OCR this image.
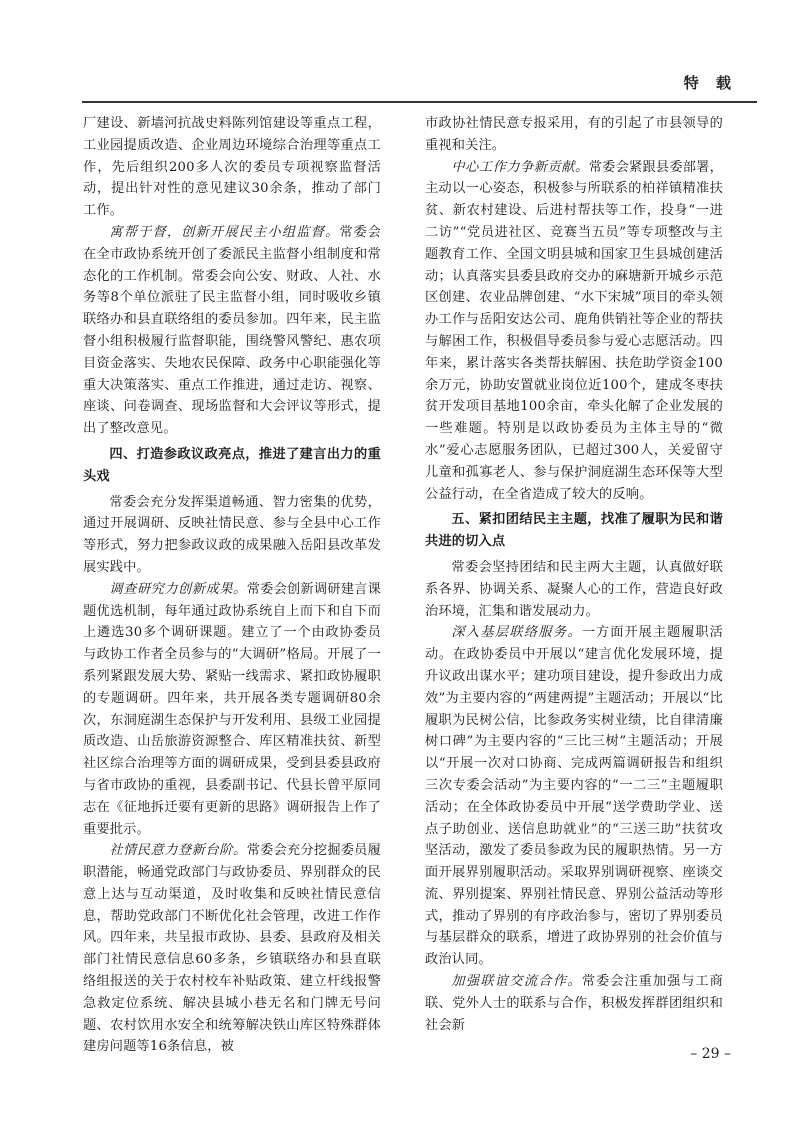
特 载

厂建设、新墙河抗战史料陈列馆建设等重点工程，工业园提质改造、企业周边环境综合治理等重点工作，先后组织200多人次的委员专项视察监督活动，提出针对性的意见建议30余条，推动了部门工作。

寓帮于督，创新开展民主小组监督。常委会在全市政协系统开创了委派民主监督小组制度和常态化的工作机制。常委会向公安、财政、人社、水务等8个单位派驻了民主监督小组，同时吸收乡镇联络办和县直联络组的委员参加。四年来，民主监督小组积极履行监督职能，围绕警风警纪、惠农项目资金落实、失地农民保障、政务中心职能强化等重大决策落实、重点工作推进，通过走访、视察、座谈、问卷调查、现场监督和大会评议等形式，提出了整改意见。

四、打造参政议政亮点，推进了建言出力的重头戏

常委会充分发挥渠道畅通、智力密集的优势，通过开展调研、反映社情民意、参与全县中心工作等形式，努力把参政议政的成果融入岳阳县改革发展实践中。

调查研究力创新成果。常委会创新调研建言课题优选机制，每年通过政协系统自上而下和自下而上遴选30多个调研课题。建立了一个由政协委员与政协工作者全员参与的“大调研”格局。开展了一系列紧跟发展大势、紧贴一线需求、紧扣政协履职的专题调研。四年来，共开展各类专题调研80余次，东洞庭湖生态保护与开发利用、县级工业园提质改造、山岳旅游资源整合、库区精准扶贫、新型社区综合治理等方面的调研成果，受到县委县政府与省市政协的重视，县委副书记、代县长曾平原同志在《征地拆迁要有更新的思路》调研报告上作了重要批示。

社情民意力登新台阶。常委会充分挖掘委员履职潜能，畅通党政部门与政协委员、界别群众的民意上达与互动渠道，及时收集和反映社情民意信息，帮助党政部门不断优化社会管理，改进工作作风。四年来，共呈报市政协、县委、县政府及相关部门社情民意信息60多条，乡镇联络办和县直联络组报送的关于农村校车补贴政策、建立杆线报警急救定位系统、解决县城小巷无名和门牌无号问题、农村饮用水安全和统筹解决铁山库区特殊群体建房问题等16条信息，被

市政协社情民意专报采用，有的引起了市县领导的重视和关注。

中心工作力争新贡献。常委会紧跟县委部署，主动以一心姿态，积极参与所联系的柏祥镇精准扶贫、新农村建设、后进村帮扶等工作，投身“一进二访”“党员进社区、竞赛当五员”等专项整改与主题教育工作、全国文明县城和国家卫生县城创建活动；认真落实县委县政府交办的麻塘新开城乡示范区创建、农业品牌创建、“水下宋城”项目的牵头领办工作与岳阳安达公司、鹿角供销社等企业的帮扶与解困工作，积极倡导委员参与爱心志愿活动。四年来，累计落实各类帮扶解困、扶危助学资金100余万元，协助安置就业岗位近100个，建成冬枣扶贫开发项目基地100余亩，牵头化解了企业发展的一些难题。特别是以政协委员为主体主导的“微水”爱心志愿服务团队，已超过300人，关爱留守儿童和孤寡老人、参与保护洞庭湖生态环保等大型公益行动，在全省造成了较大的反响。

五、紧扣团结民主主题，找准了履职为民和谐共进的切入点

常委会坚持团结和民主两大主题，认真做好联系各界、协调关系、凝聚人心的工作，营造良好政治环境，汇集和谐发展动力。

深入基层联络服务。一方面开展主题履职活动。在政协委员中开展以“建言优化发展环境，提升议政出谋水平；建功项目建设，提升参政出力成效”为主要内容的“两建两提”主题活动；开展以“比履职为民树公信，比参政务实树业绩，比自律清廉树口碑”为主要内容的“三比三树”主题活动；开展以“开展一次对口协商、完成两篇调研报告和组织三次专委会活动”为主要内容的“一二三”主题履职活动；在全体政协委员中开展“送学费助学业、送点子助创业、送信息助就业”的“三送三助”扶贫攻坚活动，激发了委员参政为民的履职热情。另一方面开展界别履职活动。采取界别调研视察、座谈交流、界别提案、界别社情民意、界别公益活动等形式，推动了界别的有序政治参与，密切了界别委员与基层群众的联系，增进了政协界别的社会价值与政治认同。

加强联谊交流合作。常委会注重加强与工商联、党外人士的联系与合作，积极发挥群团组织和社会新

– 29 –
